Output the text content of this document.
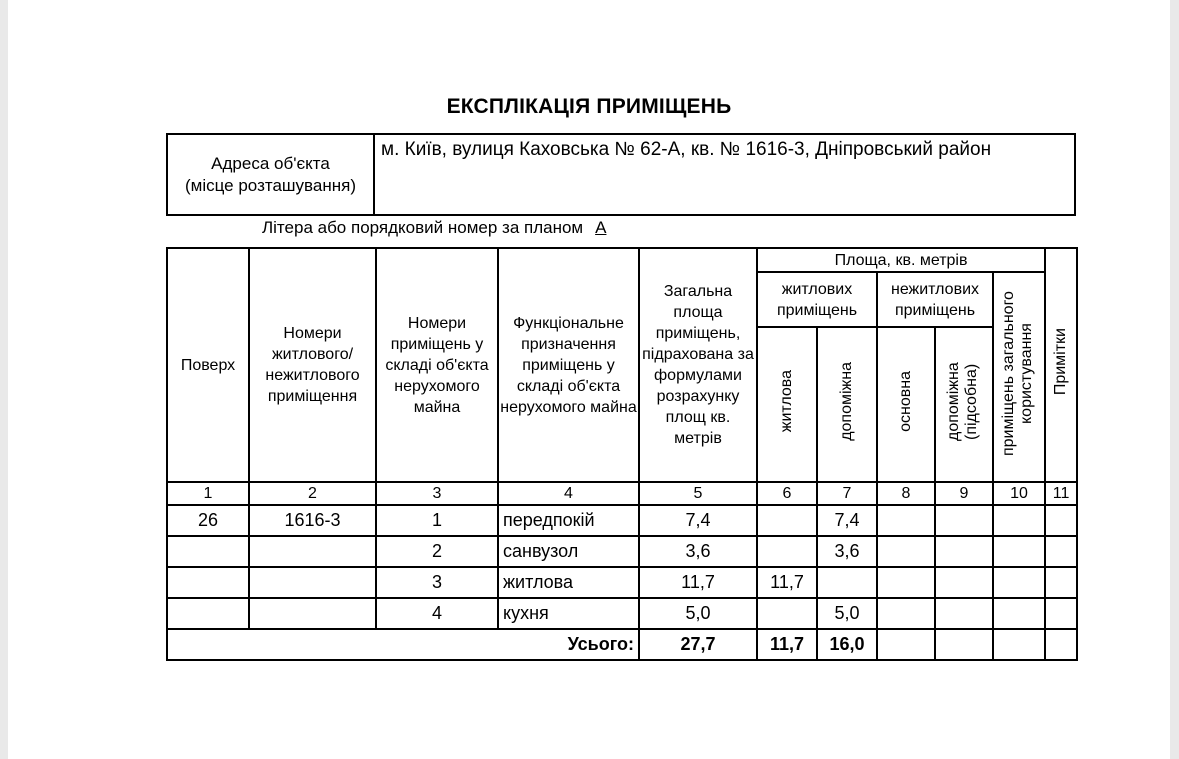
ЕКСПЛІКАЦІЯ ПРИМІЩЕНЬ
Адреса об'єкта
(місце розташування)
	м. Київ, вулиця Каховська № 62-А, кв. № 1616-3, Дніпровський район
Літера або порядковий номер за планом А
Поверх	Номери житлового/ нежитлового приміщення	Номери приміщень у складі об'єкта нерухомого майна	Функціональне призначення приміщень у складі об'єкта нерухомого майна	Загальна площа приміщень, підрахована за формулами розрахунку площ кв. метрів	Площа, кв. метрів					Примітки
					житлових приміщень		нежитлових приміщень		приміщень загального користування	
					житлова	допоміжна	основна	допоміжна (підсобна)		

1	2	3	4	5	6	7	8	9	10	11
26	1616-3	1	передпокій	7,4		7,4				
		2	санвузол	3,6		3,6				
		3	житлова	11,7	11,7					
		4	кухня	5,0		5,0				
Усього:				27,7	11,7	16,0				
